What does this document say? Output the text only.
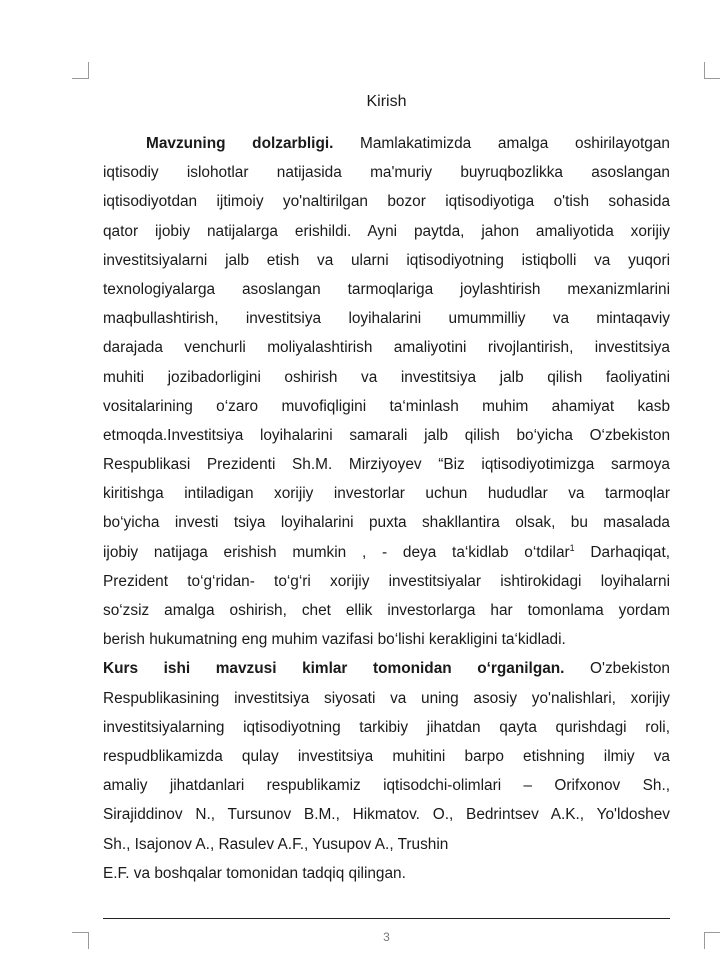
Kirish
Mavzuning dolzarbligi. Mamlakatimizda amalga oshirilayotgan
iqtisodiy islohotlar natijasida ma'muriy buyruqbozlikka asoslangan
iqtisodiyotdan ijtimoiy yo'naltirilgan bozor iqtisodiyotiga o'tish sohasida
qator ijobiy natijalarga erishildi. Ayni paytda, jahon amaliyotida xorijiy
investitsiyalarni jalb etish va ularni iqtisodiyotning istiqbolli va yuqori
texnologiyalarga asoslangan tarmoqlariga joylashtirish mexanizmlarini
maqbullashtirish, investitsiya loyihalarini umummilliy va mintaqaviy
darajada venchurli moliyalashtirish amaliyotini rivojlantirish, investitsiya
muhiti jozibadorligini oshirish va investitsiya jalb qilish faoliyatini
vositalarining o‘zaro muvofiqligini ta‘minlash muhim ahamiyat kasb
etmoqda.Investitsiya loyihalarini samarali jalb qilish bo‘yicha O‘zbekiston
Respublikasi Prezidenti Sh.M. Mirziyoyev “Biz iqtisodiyotimizga sarmoya
kiritishga intiladigan xorijiy investorlar uchun hududlar va tarmoqlar
bo‘yicha investi tsiya loyihalarini puxta shakllantira olsak, bu masalada
ijobiy natijaga erishish mumkin , - deya ta‘kidlab o‘tdilar$^1$ Darhaqiqat,
Prezident to‘g‘ridan- to‘g‘ri xorijiy investitsiyalar ishtirokidagi loyihalarni
so‘zsiz amalga oshirish, chet ellik investorlarga har tomonlama yordam
berish hukumatning eng muhim vazifasi bo‘lishi kerakligini ta‘kidladi.
Kurs ishi mavzusi kimlar tomonidan o‘rganilgan. O'zbekiston
Respublikasining investitsiya siyosati va uning asosiy yo'nalishlari, xorijiy
investitsiyalarning iqtisodiyotning tarkibiy jihatdan qayta qurishdagi roli,
respudblikamizda qulay investitsiya muhitini barpo etishning ilmiy va
amaliy jihatdanlari respublikamiz iqtisodchi-olimlari – Orifxonov Sh.,
Sirajiddinov N., Tursunov B.M., Hikmatov. O., Bedrintsev A.K., Yo'ldoshev
Sh., Isajonov A., Rasulev A.F., Yusupov A., Trushin
E.F. va boshqalar tomonidan tadqiq qilingan.
3
